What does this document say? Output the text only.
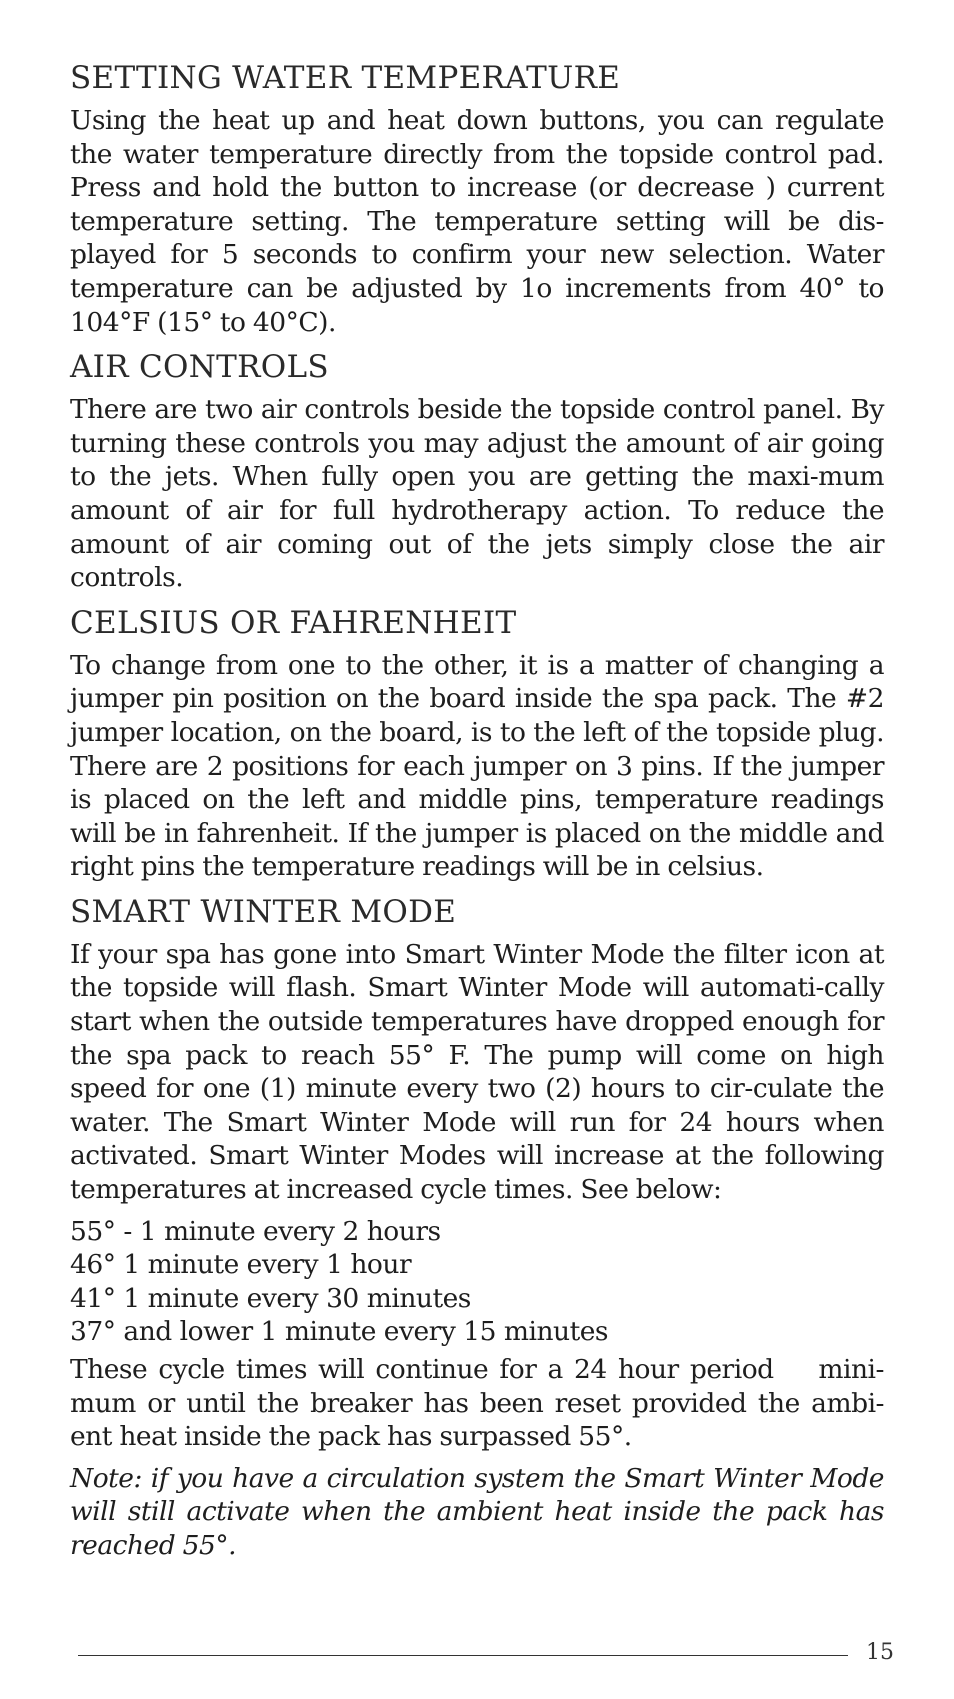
SETTING WATER TEMPERATURE

Using the heat up and heat down buttons, you can regulate the water temperature directly from the topside control pad. Press and hold the button to increase (or decrease ) current temperature setting. The temperature setting will be dis-played for 5 seconds to confirm your new selection. Water temperature can be adjusted by 1o increments from 40° to 104°F (15° to 40°C).

AIR CONTROLS

There are two air controls beside the topside control panel. By turning these controls you may adjust the amount of air going to the jets. When fully open you are getting the maxi-mum amount of air for full hydrotherapy action. To reduce the amount of air coming out of the jets simply close the air controls.

CELSIUS OR FAHRENHEIT

To change from one to the other, it is a matter of changing a jumper pin position on the board inside the spa pack. The #2 jumper location, on the board, is to the left of the topside plug. There are 2 positions for each jumper on 3 pins. If the jumper is placed on the left and middle pins, temperature readings will be in fahrenheit. If the jumper is placed on the middle and right pins the temperature readings will be in celsius.

SMART WINTER MODE

If your spa has gone into Smart Winter Mode the filter icon at the topside will flash. Smart Winter Mode will automati-cally start when the outside temperatures have dropped enough for the spa pack to reach 55° F. The pump will come on high speed for one (1) minute every two (2) hours to cir-culate the water. The Smart Winter Mode will run for 24 hours when activated. Smart Winter Modes will increase at the following temperatures at increased cycle times. See below:

55° - 1 minute every 2 hours
46° 1 minute every 1 hour
41° 1 minute every 30 minutes
37° and lower 1 minute every 15 minutes

These cycle times will continue for a 24 hour period    mini-mum or until the breaker has been reset provided the ambi-ent heat inside the pack has surpassed 55°.

Note: if you have a circulation system the Smart Winter Mode will still activate when the ambient heat inside the pack has reached 55°.

15
